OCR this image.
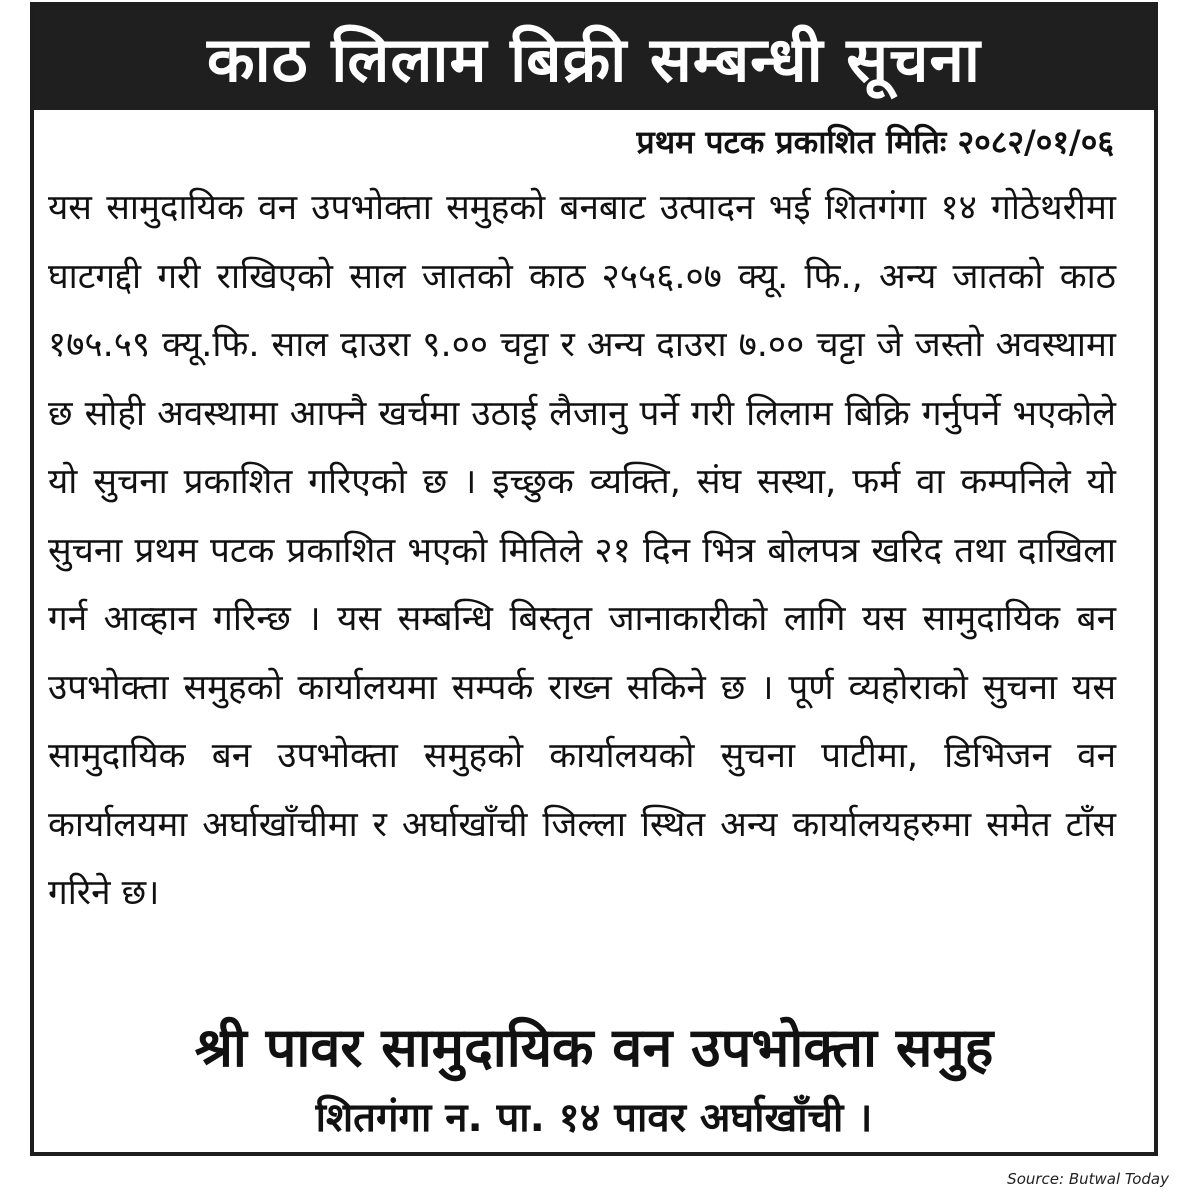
काठ लिलाम बिक्री सम्बन्धी सूचना
प्रथम पटक प्रकाशित मितिः २०८२/०१/०६
यस सामुदायिक वन उपभोक्ता समुहको बनबाट उत्पादन भई शितगंगा १४ गोठेथरीमा घाटगद्दी गरी राखिएको साल जातको काठ २५५६.०७ क्यू. फि., अन्य जातको काठ १७५.५९ क्यू.फि. साल दाउरा ९.०० चट्टा र अन्य दाउरा ७.०० चट्टा जे जस्तो अवस्थामा छ सोही अवस्थामा आफ्नै खर्चमा उठाई लैजानु पर्ने गरी लिलाम बिक्रि गर्नुपर्ने भएकोले यो सुचना प्रकाशित गरिएको छ । इच्छुक व्यक्ति, संघ सस्था, फर्म वा कम्पनिले यो सुचना प्रथम पटक प्रकाशित भएको मितिले २१ दिन भित्र बोलपत्र खरिद तथा दाखिला गर्न आव्हान गरिन्छ । यस सम्बन्धि बिस्तृत जानाकारीको लागि यस सामुदायिक बन उपभोक्ता समुहको कार्यालयमा सम्पर्क राख्न सकिने छ । पूर्ण व्यहोराको सुचना यस सामुदायिक बन उपभोक्ता समुहको कार्यालयको सुचना पाटीमा, डिभिजन वन कार्यालयमा अर्घाखाँचीमा र अर्घाखाँची जिल्ला स्थित अन्य कार्यालयहरुमा समेत टाँस गरिने छ।
श्री पावर सामुदायिक वन उपभोक्ता समुह
शितगंगा न. पा. १४ पावर अर्घाखाँची ।
Source: Butwal Today
